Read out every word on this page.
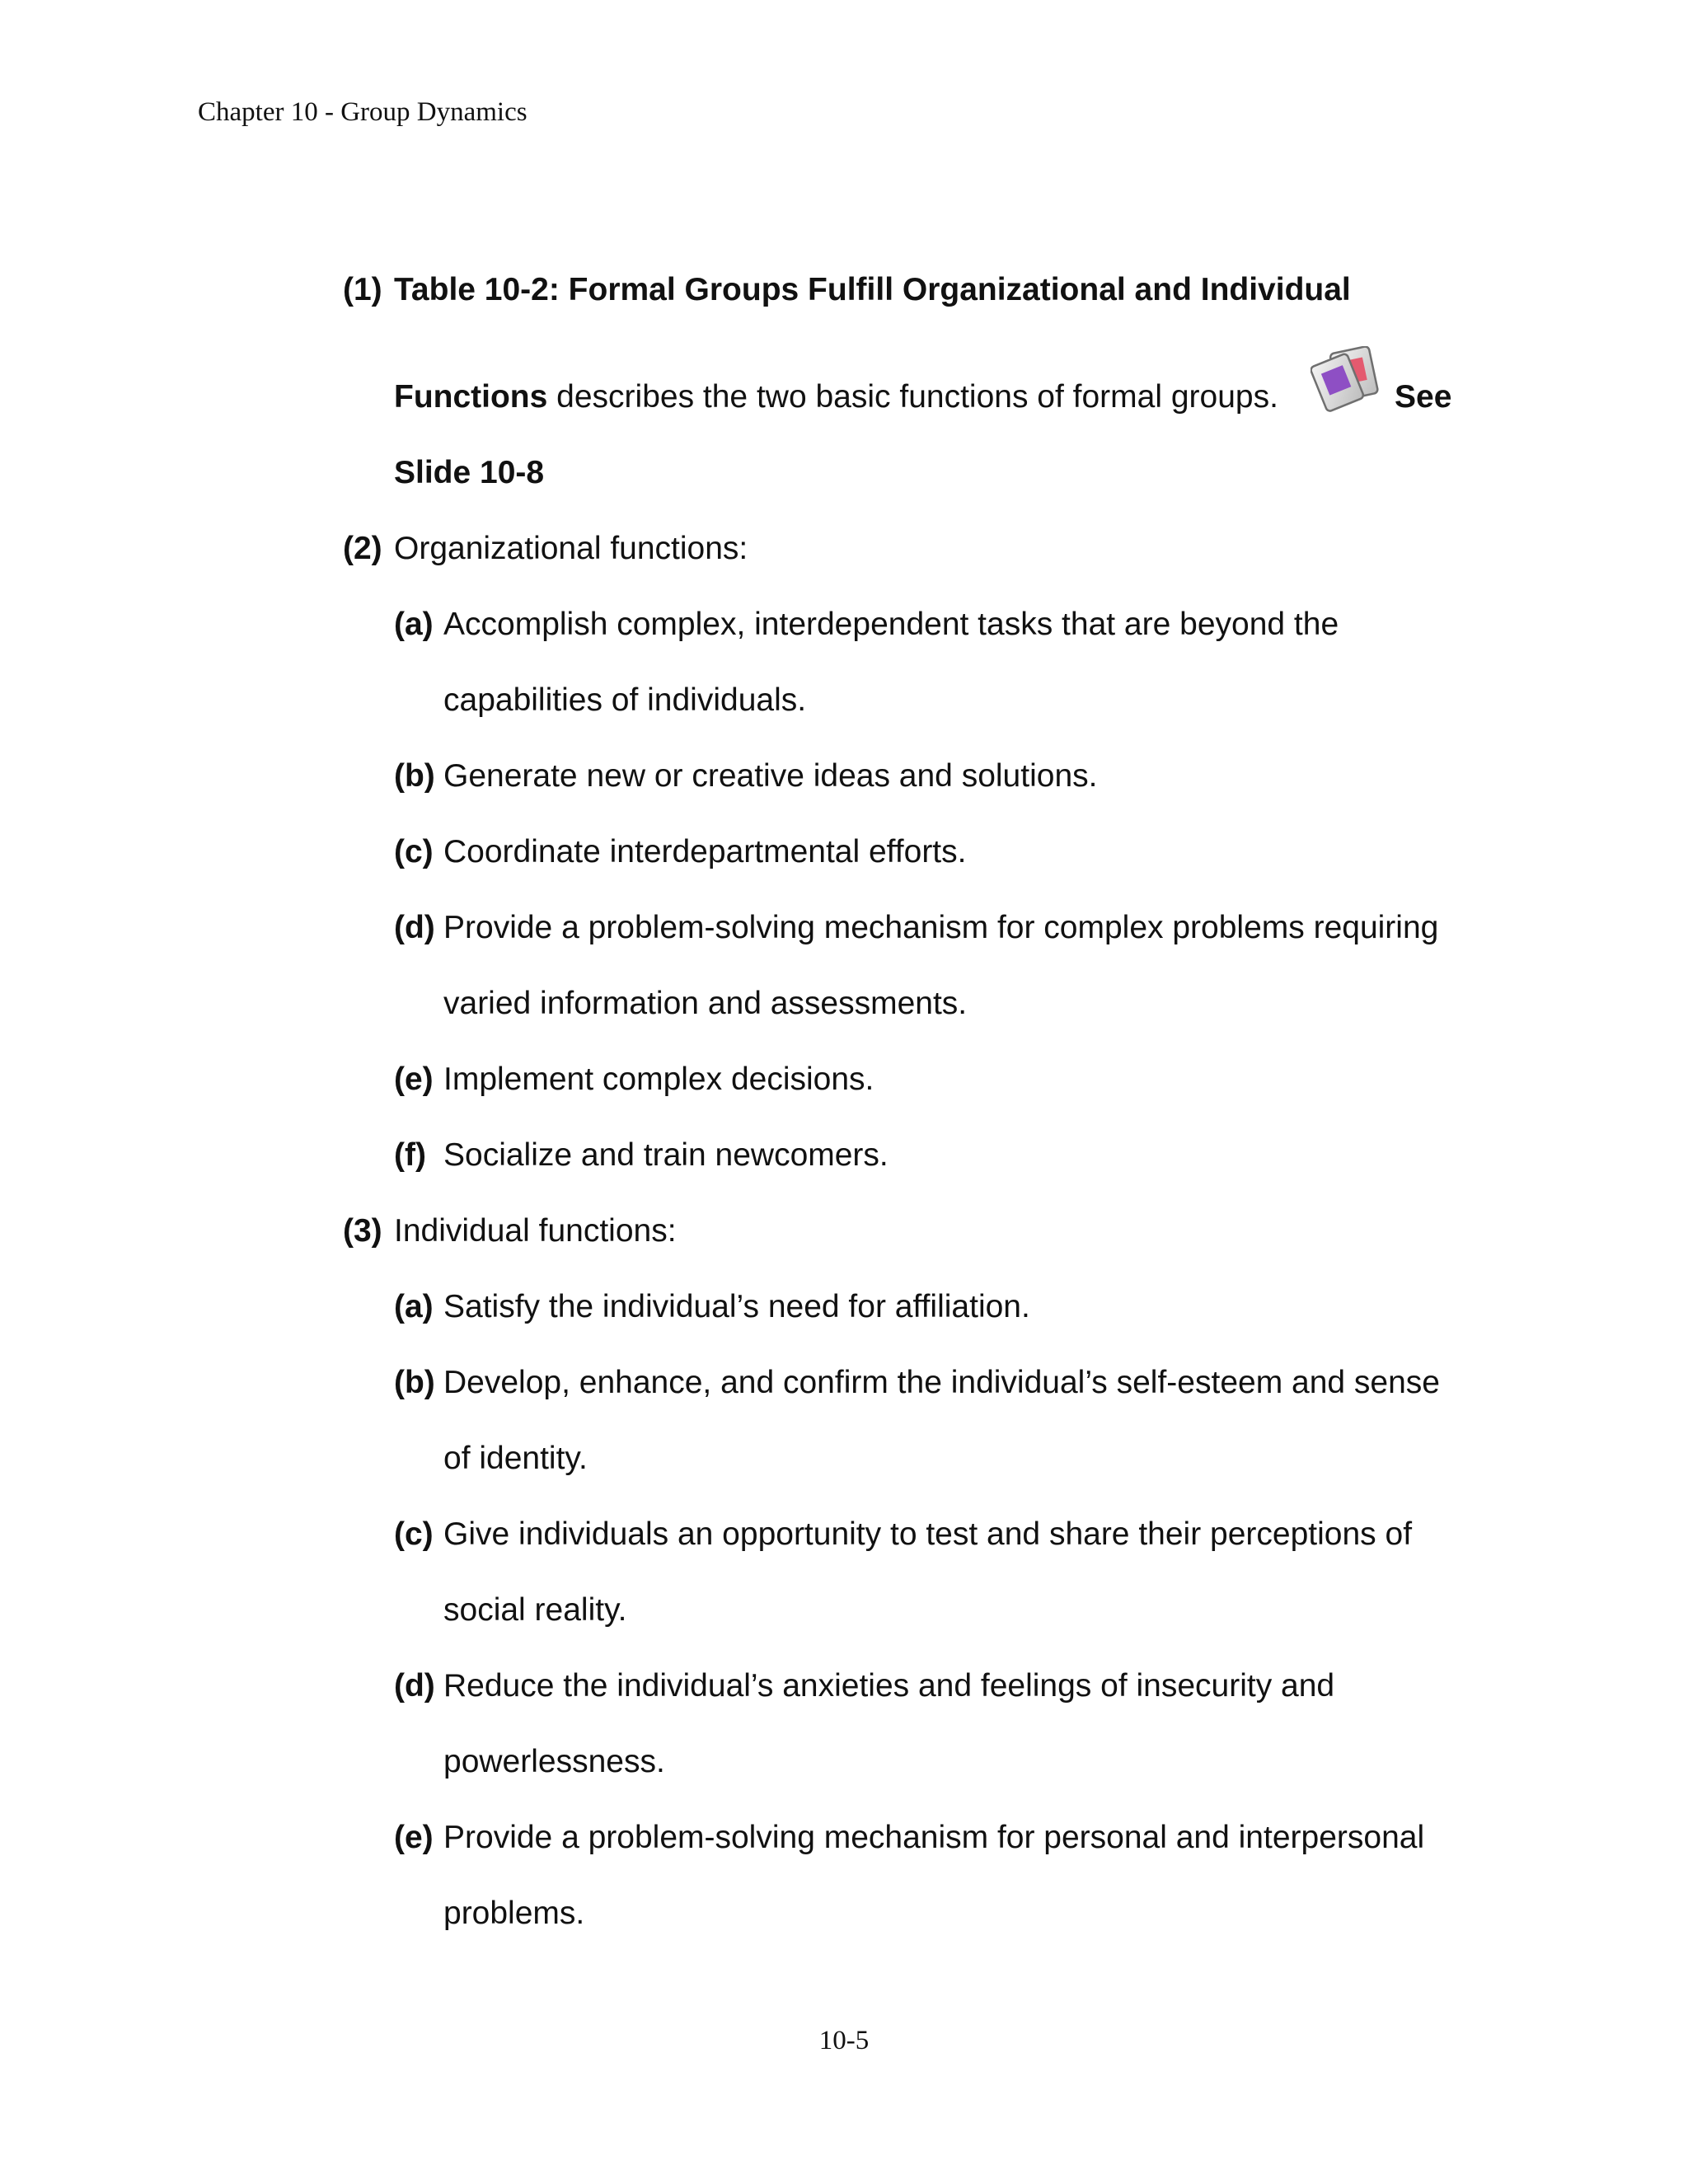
Chapter 10 - Group Dynamics
(1) Table 10-2: Formal Groups Fulfill Organizational and Individual
Functions describes the two basic functions of formal groups.	See
Slide 10-8
(2) Organizational functions:
(a) Accomplish complex, interdependent tasks that are beyond the
capabilities of individuals.
(b) Generate new or creative ideas and solutions.
(c) Coordinate interdepartmental efforts.
(d) Provide a problem-solving mechanism for complex problems requiring
varied information and assessments.
(e) Implement complex decisions.
(f) Socialize and train newcomers.
(3) Individual functions:
(a) Satisfy the individual’s need for affiliation.
(b) Develop, enhance, and confirm the individual’s self-esteem and sense
of identity.
(c) Give individuals an opportunity to test and share their perceptions of
social reality.
(d) Reduce the individual’s anxieties and feelings of insecurity and
powerlessness.
(e) Provide a problem-solving mechanism for personal and interpersonal
problems.
10-5
